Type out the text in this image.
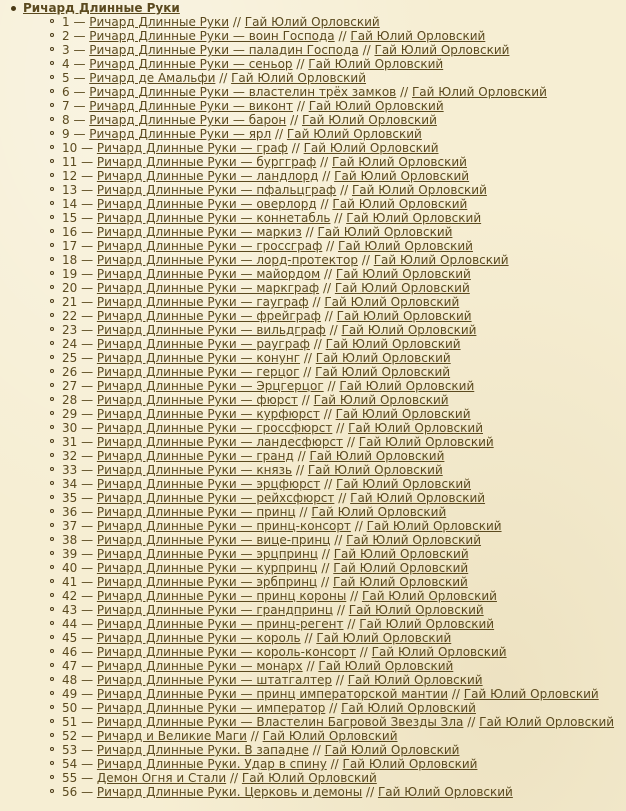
Ричард Длинные Руки
1 — Ричард Длинные Руки // Гай Юлий Орловский
2 — Ричард Длинные Руки — воин Господа // Гай Юлий Орловский
3 — Ричард Длинные Руки — паладин Господа // Гай Юлий Орловский
4 — Ричард Длинные Руки — сеньор // Гай Юлий Орловский
5 — Ричард де Амальфи // Гай Юлий Орловский
6 — Ричард Длинные Руки — властелин трёх замков // Гай Юлий Орловский
7 — Ричард Длинные Руки — виконт // Гай Юлий Орловский
8 — Ричард Длинные Руки — барон // Гай Юлий Орловский
9 — Ричард Длинные Руки — ярл // Гай Юлий Орловский
10 — Ричард Длинные Руки — граф // Гай Юлий Орловский
11 — Ричард Длинные Руки — бургграф // Гай Юлий Орловский
12 — Ричард Длинные Руки — ландлорд // Гай Юлий Орловский
13 — Ричард Длинные Руки — пфальцграф // Гай Юлий Орловский
14 — Ричард Длинные Руки — оверлорд // Гай Юлий Орловский
15 — Ричард Длинные Руки — коннетабль // Гай Юлий Орловский
16 — Ричард Длинные Руки — маркиз // Гай Юлий Орловский
17 — Ричард Длинные Руки — гроссграф // Гай Юлий Орловский
18 — Ричард Длинные Руки — лорд-протектор // Гай Юлий Орловский
19 — Ричард Длинные Руки — майордом // Гай Юлий Орловский
20 — Ричард Длинные Руки — маркграф // Гай Юлий Орловский
21 — Ричард Длинные Руки — гауграф // Гай Юлий Орловский
22 — Ричард Длинные Руки — фрейграф // Гай Юлий Орловский
23 — Ричард Длинные Руки — вильдграф // Гай Юлий Орловский
24 — Ричард Длинные Руки — рауграф // Гай Юлий Орловский
25 — Ричард Длинные Руки — конунг // Гай Юлий Орловский
26 — Ричард Длинные Руки — герцог // Гай Юлий Орловский
27 — Ричард Длинные Руки — Эрцгерцог // Гай Юлий Орловский
28 — Ричард Длинные Руки — фюрст // Гай Юлий Орловский
29 — Ричард Длинные Руки — курфюрст // Гай Юлий Орловский
30 — Ричард Длинные Руки — гроссфюрст // Гай Юлий Орловский
31 — Ричард Длинные Руки — ландесфюрст // Гай Юлий Орловский
32 — Ричард Длинные Руки — гранд // Гай Юлий Орловский
33 — Ричард Длинные Руки — князь // Гай Юлий Орловский
34 — Ричард Длинные Руки — эрцфюрст // Гай Юлий Орловский
35 — Ричард Длинные Руки — рейхсфюрст // Гай Юлий Орловский
36 — Ричард Длинные Руки — принц // Гай Юлий Орловский
37 — Ричард Длинные Руки — принц-консорт // Гай Юлий Орловский
38 — Ричард Длинные Руки — вице-принц // Гай Юлий Орловский
39 — Ричард Длинные Руки — эрцпринц // Гай Юлий Орловский
40 — Ричард Длинные Руки — курпринц // Гай Юлий Орловский
41 — Ричард Длинные Руки — эрбпринц // Гай Юлий Орловский
42 — Ричард Длинные Руки — принц короны // Гай Юлий Орловский
43 — Ричард Длинные Руки — грандпринц // Гай Юлий Орловский
44 — Ричард Длинные Руки — принц-регент // Гай Юлий Орловский
45 — Ричард Длинные Руки — король // Гай Юлий Орловский
46 — Ричард Длинные Руки — король-консорт // Гай Юлий Орловский
47 — Ричард Длинные Руки — монарх // Гай Юлий Орловский
48 — Ричард Длинные Руки — штатгалтер // Гай Юлий Орловский
49 — Ричард Длинные Руки — принц императорской мантии // Гай Юлий Орловский
50 — Ричард Длинные Руки — император // Гай Юлий Орловский
51 — Ричард Длинные Руки — Властелин Багровой Звезды Зла // Гай Юлий Орловский
52 — Ричард и Великие Маги // Гай Юлий Орловский
53 — Ричард Длинные Руки. В западне // Гай Юлий Орловский
54 — Ричард Длинные Руки. Удар в спину // Гай Юлий Орловский
55 — Демон Огня и Стали // Гай Юлий Орловский
56 — Ричард Длинные Руки. Церковь и демоны // Гай Юлий Орловский
